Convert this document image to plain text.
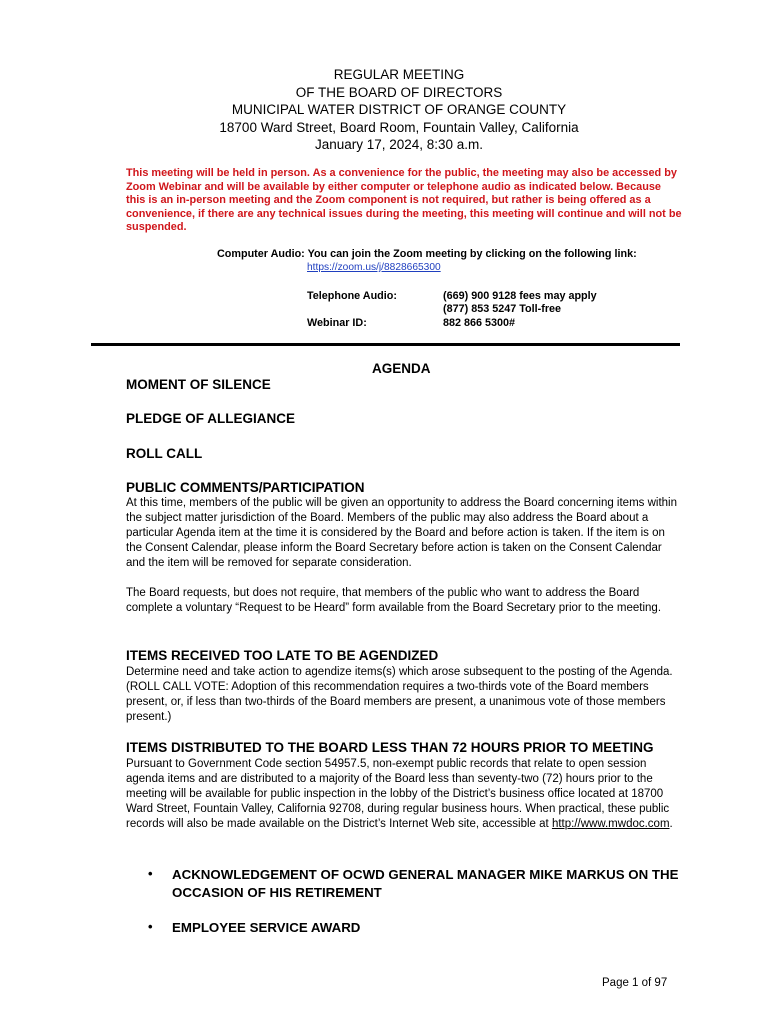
REGULAR MEETING
OF THE BOARD OF DIRECTORS
MUNICIPAL WATER DISTRICT OF ORANGE COUNTY
18700 Ward Street, Board Room, Fountain Valley, California
January 17, 2024, 8:30 a.m.
This meeting will be held in person. As a convenience for the public, the meeting may also be accessed by Zoom Webinar and will be available by either computer or telephone audio as indicated below. Because this is an in-person meeting and the Zoom component is not required, but rather is being offered as a convenience, if there are any technical issues during the meeting, this meeting will continue and will not be suspended.
Computer Audio: You can join the Zoom meeting by clicking on the following link:
https://zoom.us/j/8828665300
Telephone Audio:	(669) 900 9128 fees may apply
(877) 853 5247 Toll-free
882 866 5300#
Webinar ID:
AGENDA
MOMENT OF SILENCE
PLEDGE OF ALLEGIANCE
ROLL CALL
PUBLIC COMMENTS/PARTICIPATION
At this time, members of the public will be given an opportunity to address the Board concerning items within the subject matter jurisdiction of the Board. Members of the public may also address the Board about a particular Agenda item at the time it is considered by the Board and before action is taken. If the item is on the Consent Calendar, please inform the Board Secretary before action is taken on the Consent Calendar and the item will be removed for separate consideration.
The Board requests, but does not require, that members of the public who want to address the Board complete a voluntary “Request to be Heard” form available from the Board Secretary prior to the meeting.
ITEMS RECEIVED TOO LATE TO BE AGENDIZED
Determine need and take action to agendize items(s) which arose subsequent to the posting of the Agenda. (ROLL CALL VOTE: Adoption of this recommendation requires a two-thirds vote of the Board members present, or, if less than two-thirds of the Board members are present, a unanimous vote of those members present.)
ITEMS DISTRIBUTED TO THE BOARD LESS THAN 72 HOURS PRIOR TO MEETING Pursuant to Government Code section 54957.5, non-exempt public records that relate to open session agenda items and are distributed to a majority of the Board less than seventy-two (72) hours prior to the meeting will be available for public inspection in the lobby of the District’s business office located at 18700 Ward Street, Fountain Valley, California 92708, during regular business hours. When practical, these public records will also be made available on the District’s Internet Web site, accessible at http://www.mwdoc.com.
• ACKNOWLEDGEMENT OF OCWD GENERAL MANAGER MIKE MARKUS ON THE OCCASION OF HIS RETIREMENT
• EMPLOYEE SERVICE AWARD
Page 1 of 97
